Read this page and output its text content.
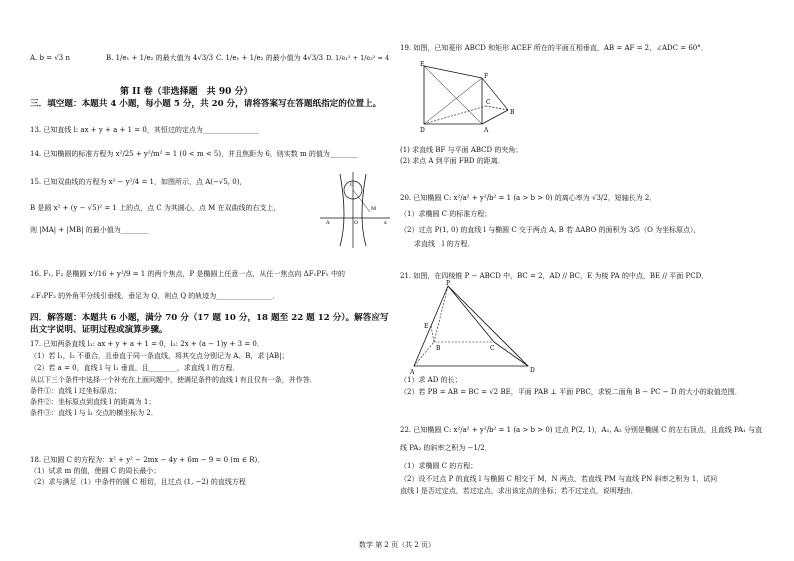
A. b = √3 n	B. 1/e₁ + 1/e₂ 的最大值为 4√3/3 C. 1/e₁ + 1/e₂ 的最小值为 4√3/3 D. 1/e₁² + 1/e₂² = 4
第 II 卷（非选择题　共 90 分）
三．填空题：本题共 4 小题，每小题 5 分，共 20 分，请将答案写在答题纸指定的位置上。
13. 已知直线 l: ax + y + a + 1 = 0，其恒过的定点为________________
14. 已知椭圆的标准方程为 x²/25 + y²/m² = 1 (0 < m < 5)，并且焦距为 6，则实数 m 的值为________
15. 已知双曲线的方程为 x² − y²/4 = 1，如图所示，点 A(−√5, 0)，
B 是圆 x² + (y − √5)² = 1 上的点，点 C 为其圆心，点 M 在双曲线的右支上，
则 |MA| + |MB| 的最小值为________
C
O
A	x
M
16. F₁, F₂ 是椭圆 x²/16 + y²/9 = 1 的两个焦点，P 是椭圆上任意一点，从任一焦点向 ΔF₁PF₂ 中的
∠F₁PF₂ 的外角平分线引垂线，垂足为 Q，则点 Q 的轨迹为________________．
四．解答题：本题共 6 小题，满分 70 分（17 题 10 分，18 题至 22 题 12 分）。解答应写出文字说明、证明过程或演算步骤。
17. 已知两条直线 l₁: ax + y + a + 1 = 0，l₂: 2x + (a − 1)y + 3 = 0．
（1）若 l₁，l₂ 不重合，且垂直于同一条直线，将其交点分别记为 A、B，求 |AB|；
（2）若 a = 0，直线 l 与 l₁ 垂直，且________，求直线 l 的方程．
从以下三个条件中选择一个补充在上面问题中，使满足条件的直线 l 有且仅有一条，并作答．
条件①：直线 l 过坐标原点；
条件②：坐标原点到直线 l 的距离为 1；
条件③：直线 l 与 l₁ 交点的横坐标为 2．
18. 已知圆 C 的方程为：x² + y² − 2mx − 4y + 6m − 9 = 0 (m ∈ R)．
（1）试求 m 的值，使圆 C 的周长最小；
（2）求与满足（1）中条件的圆 C 相切，且过点 (1, −2) 的直线方程
19. 如图，已知菱形 ABCD 和矩形 ACEF 所在的平面互相垂直，AB = AF = 2，∠ADC = 60°．
E
F
A
B
C
D
(1) 求直线 BF 与平面 ABCD 的夹角；
(2) 求点 A 到平面 FBD 的距离．
20. 已知椭圆 C: x²/a² + y²/b² = 1 (a > b > 0) 的离心率为 √3/2，短轴长为 2．
（1）求椭圆 C 的标准方程；
（2）过点 P(1, 0) 的直线 l 与椭圆 C 交于两点 A, B 若 ΔABO 的面积为 3/5（O 为坐标原点），
　　求直线　l 的方程．
21. 如图，在四棱锥 P − ABCD 中，BC = 2，AD // BC，E 为棱 PA 的中点，BE // 平面 PCD．
P
E
A
B	C
D
（1）求 AD 的长；
（2）若 PB = AB = BC = √2 BE，平面 PAB ⊥ 平面 PBC，求锐二面角 B − PC − D 的大小的取值范围．
22. 已知椭圆 C: x²/a² + y²/b² = 1 (a > b > 0) 过点 P(2, 1)，A₁, A₂ 分别是椭圆 C 的左右顶点，且直线 PA₁ 与直
线 PA₂ 的斜率之积为 −1/2．
（1）求椭圆 C 的方程；
（2）设不过点 P 的直线 l 与椭圆 C 相交于 M，N 两点，若直线 PM 与直线 PN 斜率之积为 1，试问
直线 l 是否过定点，若过定点，求出该定点的坐标；若不过定点，说明理由．
数学 第 2 页（共 2 页）
